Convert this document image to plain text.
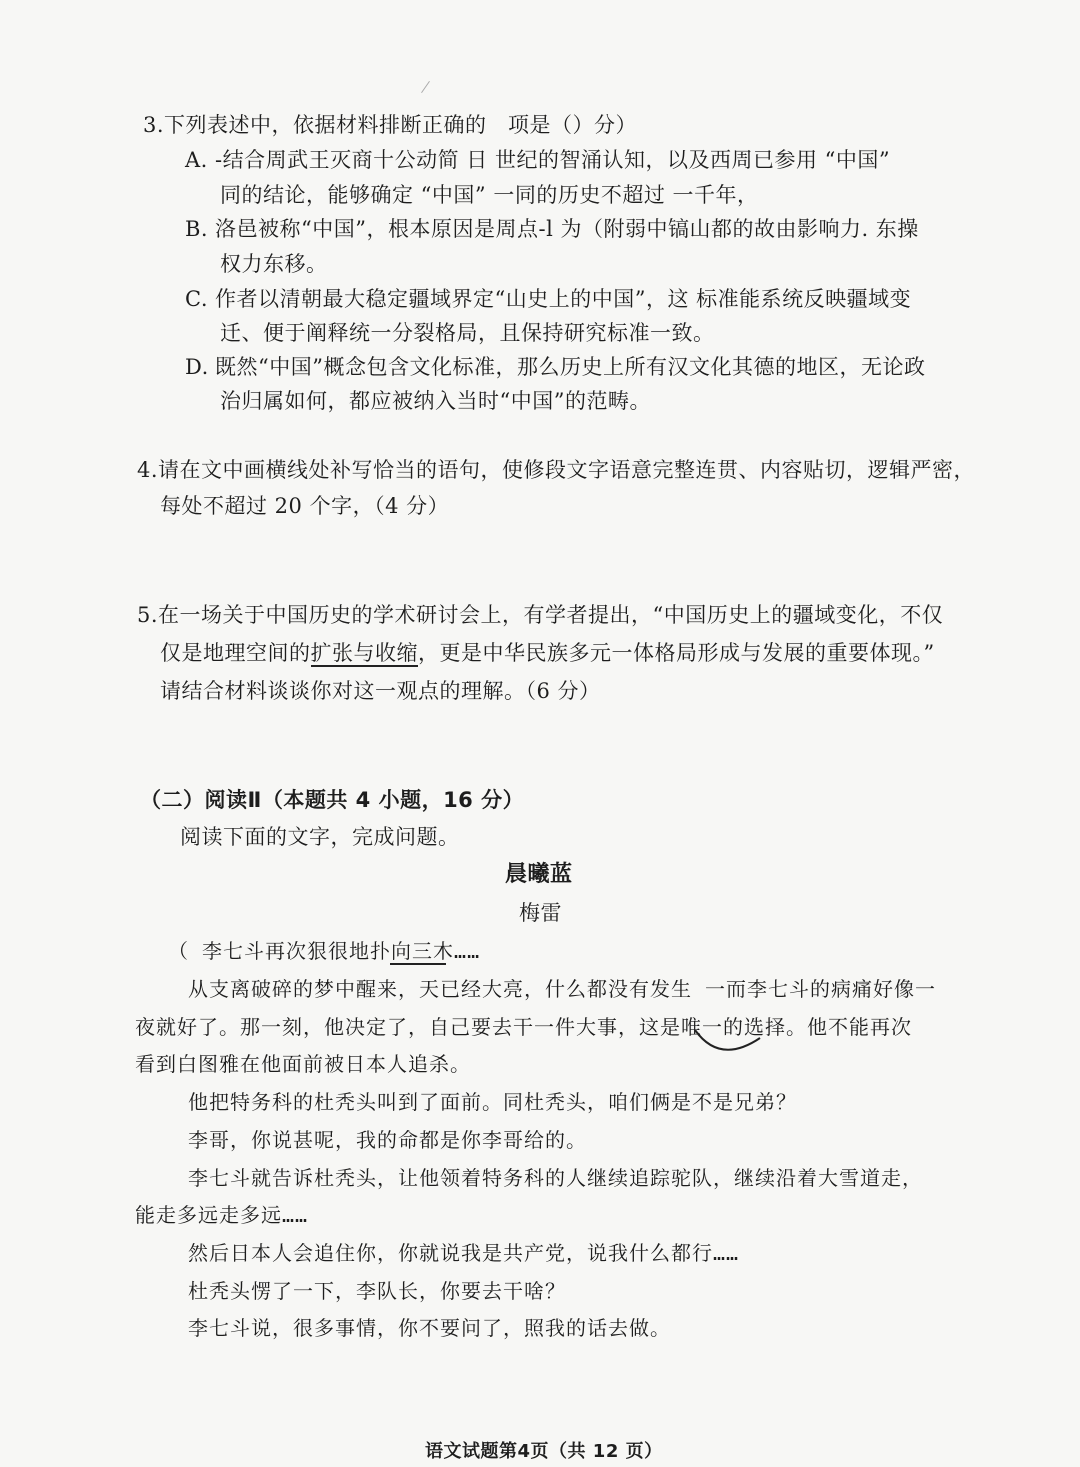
3.下列表述中，依据材料排断正确的　项是（）分）
A. -结合周武王灭商十公动简 日 世纪的智涌认知，以及西周已参用 “中国”
同的结论，能够确定 “中国” 一同的历史不超过 一千年，
B. 洛邑被称“中国”，根本原因是周点-l 为（附弱中镐山都的故由影响力. 东操
权力东移。
C. 作者以清朝最大稳定疆域界定“山史上的中国”，这 标准能系统反映疆域变
迁、便于阐释统一分裂格局，且保持研究标准一致。
D. 既然“中国”概念包含文化标准，那么历史上所有汉文化其德的地区，无论政
治归属如何，都应被纳入当时“中国”的范畴。
4.请在文中画横线处补写恰当的语句，使修段文字语意完整连贯、内容贴切，逻辑严密，
每处不超过 20 个字，（4 分）
5.在一场关于中国历史的学术研讨会上，有学者提出，“中国历史上的疆域变化，不仅
仅是地理空间的扩张与收缩，更是中华民族多元一体格局形成与发展的重要体现。”
请结合材料谈谈你对这一观点的理解。（6 分）
（二）阅读Ⅱ（本题共 4 小题，16 分）
阅读下面的文字，完成问题。
晨曦蓝
梅雷
（ 李七斗再次狠很地扑向三木……
从支离破碎的梦中醒来，天已经大亮，什么都没有发生 一而李七斗的病痛好像一
夜就好了。那一刻，他决定了，自己要去干一件大事，这是唯一的选择。他不能再次
看到白图雅在他面前被日本人追杀。
他把特务科的杜秃头叫到了面前。同杜秃头，咱们俩是不是兄弟？
李哥，你说甚呢，我的命都是你李哥给的。
李七斗就告诉杜秃头，让他领着特务科的人继续追踪驼队，继续沿着大雪道走，
能走多远走多远……
然后日本人会追住你，你就说我是共产党，说我什么都行……
杜秃头愣了一下，李队长，你要去干啥？
李七斗说，很多事情，你不要问了，照我的话去做。
语文试题第4页（共 12 页）
